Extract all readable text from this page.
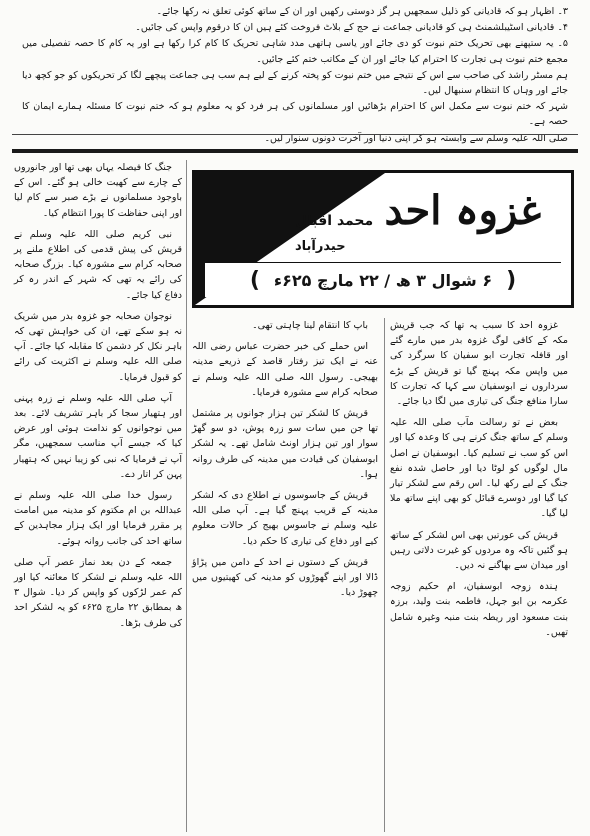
۳۔ اظہار ہو کہ قادیانی کو ذلیل سمجھیں ہر گز دوستی رکھیں اور ان کے ساتھ کوئی تعلق نہ رکھا جائے۔

۴۔ قادیانی اسٹیبلشمنٹ ہی کو قادیانی جماعت نے حج کے بلاٹ فروخت کئے ہیں ان کا درقوم واپس کی جائیں۔

۵۔ یہ ستپھنے بھی تحریک ختم نبوت کو دی جائے اور یاسی ہاتھی مدد شاہی تحریک کا کام کرا رکھا ہے اور یہ کام کا حصہ تفصیلی میں مجمع ختم نبوت ہی تجارت کا احترام کیا جائے اور ان کے مکاتب ختم کئے جائیں۔

ہم مسٹر راشد کی صاحب سے اس کے نتیجے میں ختم نبوت کو پختہ کرنے کے لیے ہم سب ہی جماعت پیچھے لگا کر تحریکوں کو جو کچھ دیا جائے اور وہاں کا انتظام سنبھال لیں۔

شہر کہ ختم نبوت سے مکمل اس کا احترام بڑھائیں اور مسلمانوں کی ہر فرد کو یہ معلوم ہو کہ ختم نبوت کا مسئلہ ہمارے ایمان کا حصہ ہے۔

صلی اللہ علیہ وسلم سے وابستہ ہو کر اپنی دنیا اور آخرت دونوں سنوار لیں۔

غزوہ احد
محمد اقبال
حیدرآباد
(
۶ شوال ۳ ھ / ۲۲ مارچ ۶۲۵ء
)

غزوہ احد کا سبب یہ تھا کہ جب قریش مکہ کے کافی لوگ غزوہ بدر میں مارے گئے اور قافلہ تجارت ابو سفیان کا سرگرد کی میں واپس مکہ پہنچ گیا تو قریش کے بڑے سرداروں نے ابوسفیان سے کہا کہ تجارت کا سارا منافع جنگ کی تیاری میں لگا دیا جائے۔

بعض نے تو رسالت مآب صلی اللہ علیہ وسلم کے ساتھ جنگ کرنے ہی کا وعدہ کیا اور اس کو سب نے تسلیم کیا۔ ابوسفیان نے اصل مال لوگوں کو لوٹا دیا اور حاصل شدہ نفع جنگ کے لیے رکھ لیا۔ اس رقم سے لشکر تیار کیا گیا اور دوسرے قبائل کو بھی اپنے ساتھ ملا لیا گیا۔

قریش کی عورتیں بھی اس لشکر کے ساتھ ہو گئیں تاکہ وہ مردوں کو غیرت دلاتی رہیں اور میدان سے بھاگنے نہ دیں۔

ہندہ زوجہ ابوسفیان، ام حکیم زوجہ عکرمہ بن ابو جہل، فاطمہ بنت ولید، برزہ بنت مسعود اور ریطہ بنت منبہ وغیرہ شامل تھیں۔

باپ کا انتقام لینا چاہتی تھی۔

اس حملے کی خبر حضرت عباس رضی اللہ عنہ نے ایک تیز رفتار قاصد کے ذریعے مدینہ بھیجی۔ رسول اللہ صلی اللہ علیہ وسلم نے صحابہ کرام سے مشورہ فرمایا۔

قریش کا لشکر تین ہزار جوانوں پر مشتمل تھا جن میں سات سو زرہ پوش، دو سو گھڑ سوار اور تین ہزار اونٹ شامل تھے۔ یہ لشکر ابوسفیان کی قیادت میں مدینہ کی طرف روانہ ہوا۔

قریش کے جاسوسوں نے اطلاع دی کہ لشکر مدینہ کے قریب پہنچ گیا ہے۔ آپ صلی اللہ علیہ وسلم نے جاسوس بھیج کر حالات معلوم کیے اور دفاع کی تیاری کا حکم دیا۔

قریش کے دستوں نے احد کے دامن میں پڑاؤ ڈالا اور اپنے گھوڑوں کو مدینہ کی کھیتیوں میں چھوڑ دیا۔

جنگ کا فیصلہ یہاں بھی تھا اور جانوروں کے چارے سے کھیت خالی ہو گئے۔ اس کے باوجود مسلمانوں نے بڑے صبر سے کام لیا اور اپنی حفاظت کا پورا انتظام کیا۔

نبی کریم صلی اللہ علیہ وسلم نے قریش کی پیش قدمی کی اطلاع ملنے پر صحابہ کرام سے مشورہ کیا۔ بزرگ صحابہ کی رائے یہ تھی کہ شہر کے اندر رہ کر دفاع کیا جائے۔

نوجوان صحابہ جو غزوہ بدر میں شریک نہ ہو سکے تھے، ان کی خواہش تھی کہ باہر نکل کر دشمن کا مقابلہ کیا جائے۔ آپ صلی اللہ علیہ وسلم نے اکثریت کی رائے کو قبول فرمایا۔

آپ صلی اللہ علیہ وسلم نے زرہ پہنی اور ہتھیار سجا کر باہر تشریف لائے۔ بعد میں نوجوانوں کو ندامت ہوئی اور عرض کیا کہ جیسے آپ مناسب سمجھیں، مگر آپ نے فرمایا کہ نبی کو زیبا نہیں کہ ہتھیار پہن کر اتار دے۔

رسول خدا صلی اللہ علیہ وسلم نے عبداللہ بن ام مکتوم کو مدینہ میں امامت پر مقرر فرمایا اور ایک ہزار مجاہدین کے ساتھ احد کی جانب روانہ ہوئے۔

جمعہ کے دن بعد نماز عصر آپ صلی اللہ علیہ وسلم نے لشکر کا معائنہ کیا اور کم عمر لڑکوں کو واپس کر دیا۔ شوال ۳ ھ بمطابق ۲۲ مارچ ۶۲۵ء کو یہ لشکر احد کی طرف بڑھا۔
